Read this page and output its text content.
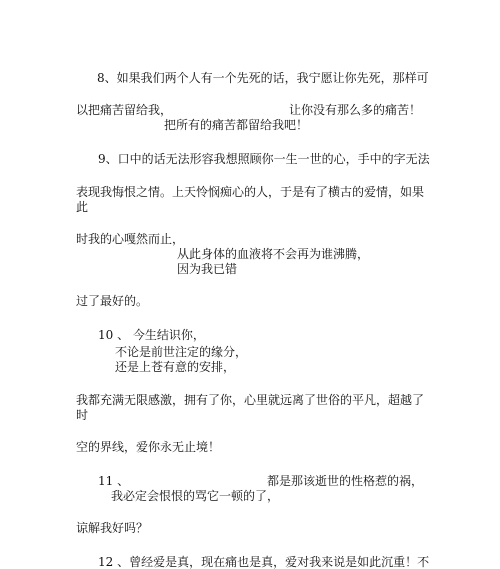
8、如果我们两个人有一个先死的话，我宁愿让你先死，那样可

以把痛苦留给我，	让你没有那么多的痛苦！

把所有的痛苦都留给我吧！

9、口中的话无法形容我想照顾你一生一世的心，手中的字无法

表现我悔恨之情。上天怜悯痴心的人，于是有了横古的爱情，如果

此

时我的心嘎然而止，

从此身体的血液将不会再为谁沸腾，

因为我已错

过了最好的。

10 、 今生结识你，

不论是前世注定的缘分，

还是上苍有意的安排，

我都充满无限感激，拥有了你，心里就远离了世俗的平凡，超越了

时

空的界线，爱你永无止境！

11 、	都是那该逝世的性格惹的祸，

我必定会恨恨的骂它一顿的了，

谅解我好吗？

12 、曾经爱是真，现在痛也是真，爱对我来说是如此沉重！不
